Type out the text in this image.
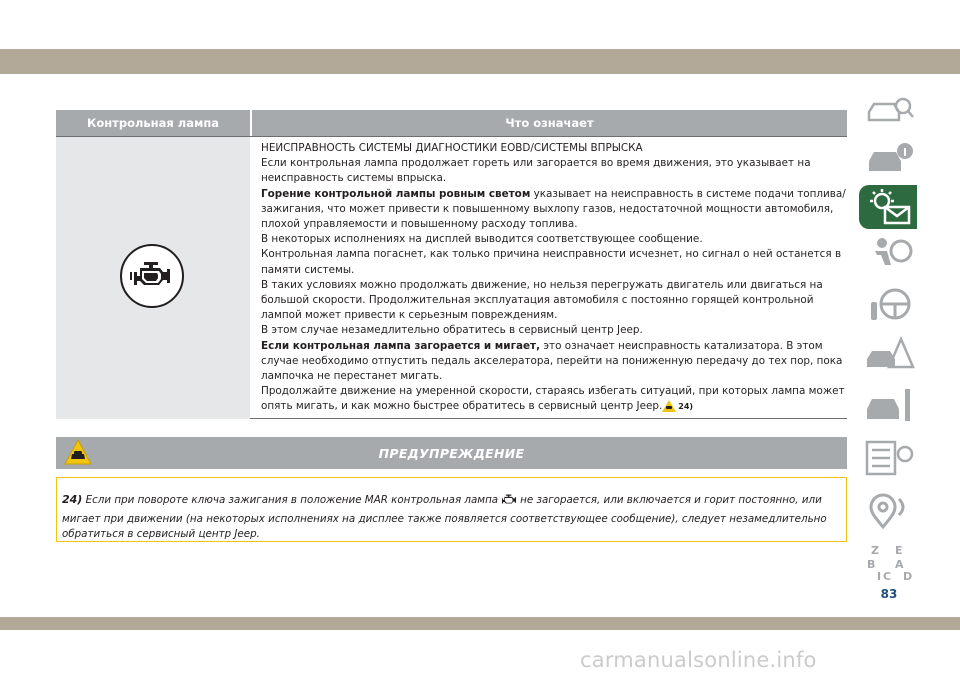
Контрольная лампа	Что означает

НЕИСПРАВНОСТЬ СИСТЕМЫ ДИАГНОСТИКИ EOBD/СИСТЕМЫ ВПРЫСКА

Если контрольная лампа продолжает гореть или загорается во время движения, это указывает на неисправность системы впрыска.

Горение контрольной лампы ровным светом указывает на неисправность в системе подачи топлива/зажигания, что может привести к повышенному выхлопу газов, недостаточной мощности автомобиля, плохой управляемости и повышенному расходу топлива.

В некоторых исполнениях на дисплей выводится соответствующее сообщение.

Контрольная лампа погаснет, как только причина неисправности исчезнет, но сигнал о ней останется в памяти системы.

В таких условиях можно продолжать движение, но нельзя перегружать двигатель или двигаться на большой скорости. Продолжительная эксплуатация автомобиля с постоянно горящей контрольной лампой может привести к серьезным повреждениям.

В этом случае незамедлительно обратитесь в сервисный центр Jeep.

Если контрольная лампа загорается и мигает, это означает неисправность катализатора. В этом случае необходимо отпустить педаль акселератора, перейти на пониженную передачу до тех пор, пока лампочка не перестанет мигать.

Продолжайте движение на умеренной скорости, стараясь избегать ситуаций, при которых лампа может опять мигать, и как можно быстрее обратитесь в сервисный центр Jeep. 24)

ПРЕДУПРЕЖДЕНИЕ
24) Если при повороте ключа зажигания в положение MAR контрольная лампа не загорается, или включается и горит постоянно, или мигает при движении (на некоторых исполнениях на дисплее также появляется соответствующее сообщение), следует незамедлительно обратиться в сервисный центр Jeep.
Z E
B A
I C D
83
carmanualsonline.info
